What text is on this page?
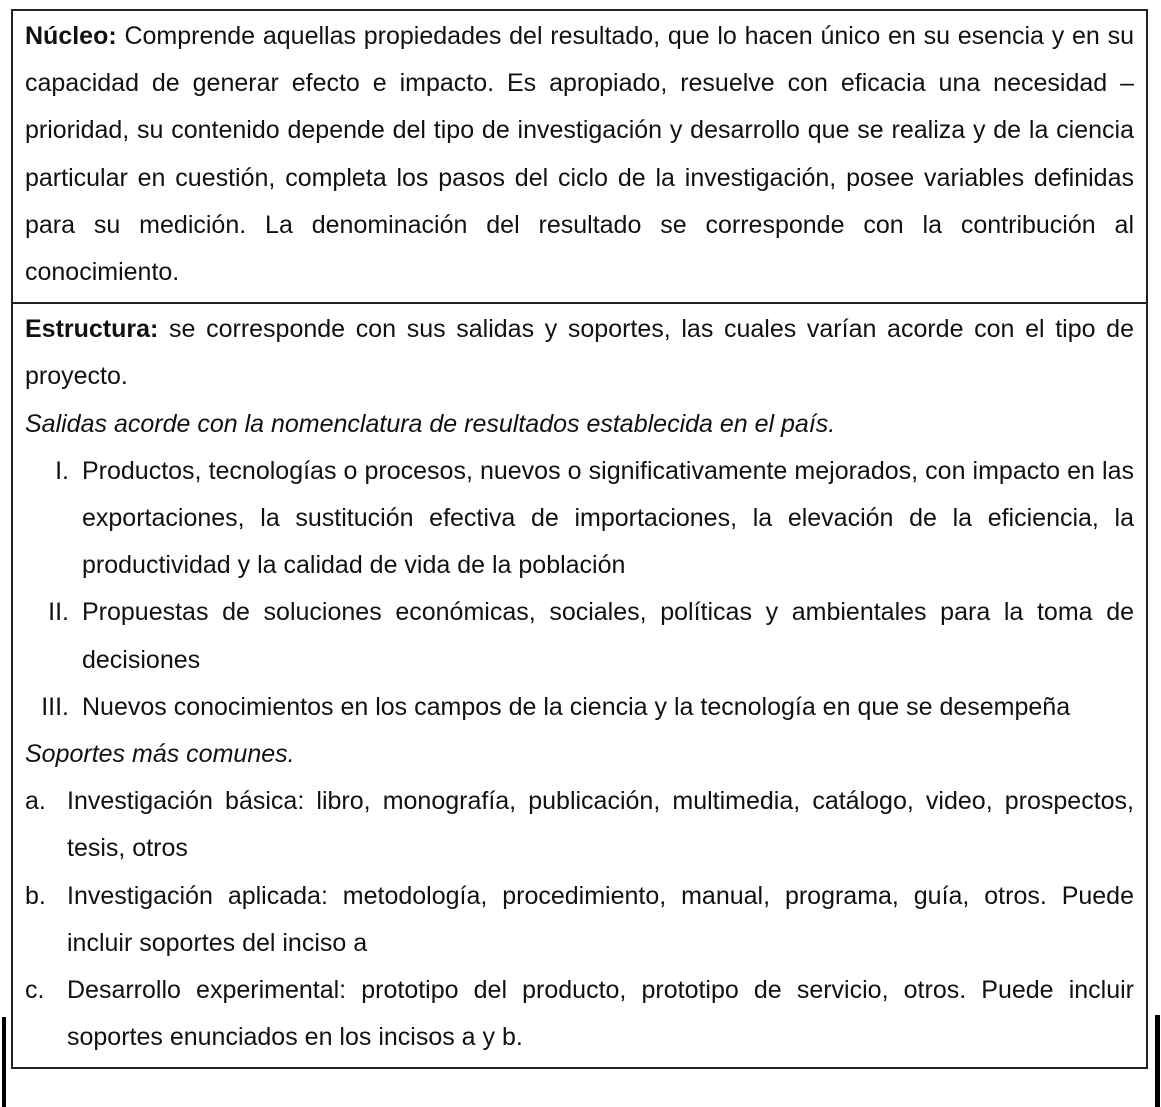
Núcleo: Comprende aquellas propiedades del resultado, que lo hacen único en su esencia y en su capacidad de generar efecto e impacto. Es apropiado, resuelve con eficacia una necesidad – prioridad, su contenido depende del tipo de investigación y desarrollo que se realiza y de la ciencia particular en cuestión, completa los pasos del ciclo de la investigación, posee variables definidas para su medición. La denominación del resultado se corresponde con la contribución al conocimiento.

Estructura: se corresponde con sus salidas y soportes, las cuales varían acorde con el tipo de proyecto.

Salidas acorde con la nomenclatura de resultados establecida en el país.

I. Productos, tecnologías o procesos, nuevos o significativamente mejorados, con impacto en las exportaciones, la sustitución efectiva de importaciones, la elevación de la eficiencia, la productividad y la calidad de vida de la población
II. Propuestas de soluciones económicas, sociales, políticas y ambientales para la toma de decisiones
III. Nuevos conocimientos en los campos de la ciencia y la tecnología en que se desempeña

Soportes más comunes.

a. Investigación básica: libro, monografía, publicación, multimedia, catálogo, video, prospectos, tesis, otros
b. Investigación aplicada: metodología, procedimiento, manual, programa, guía, otros. Puede incluir soportes del inciso a
c. Desarrollo experimental: prototipo del producto, prototipo de servicio, otros. Puede incluir soportes enunciados en los incisos a y b.
